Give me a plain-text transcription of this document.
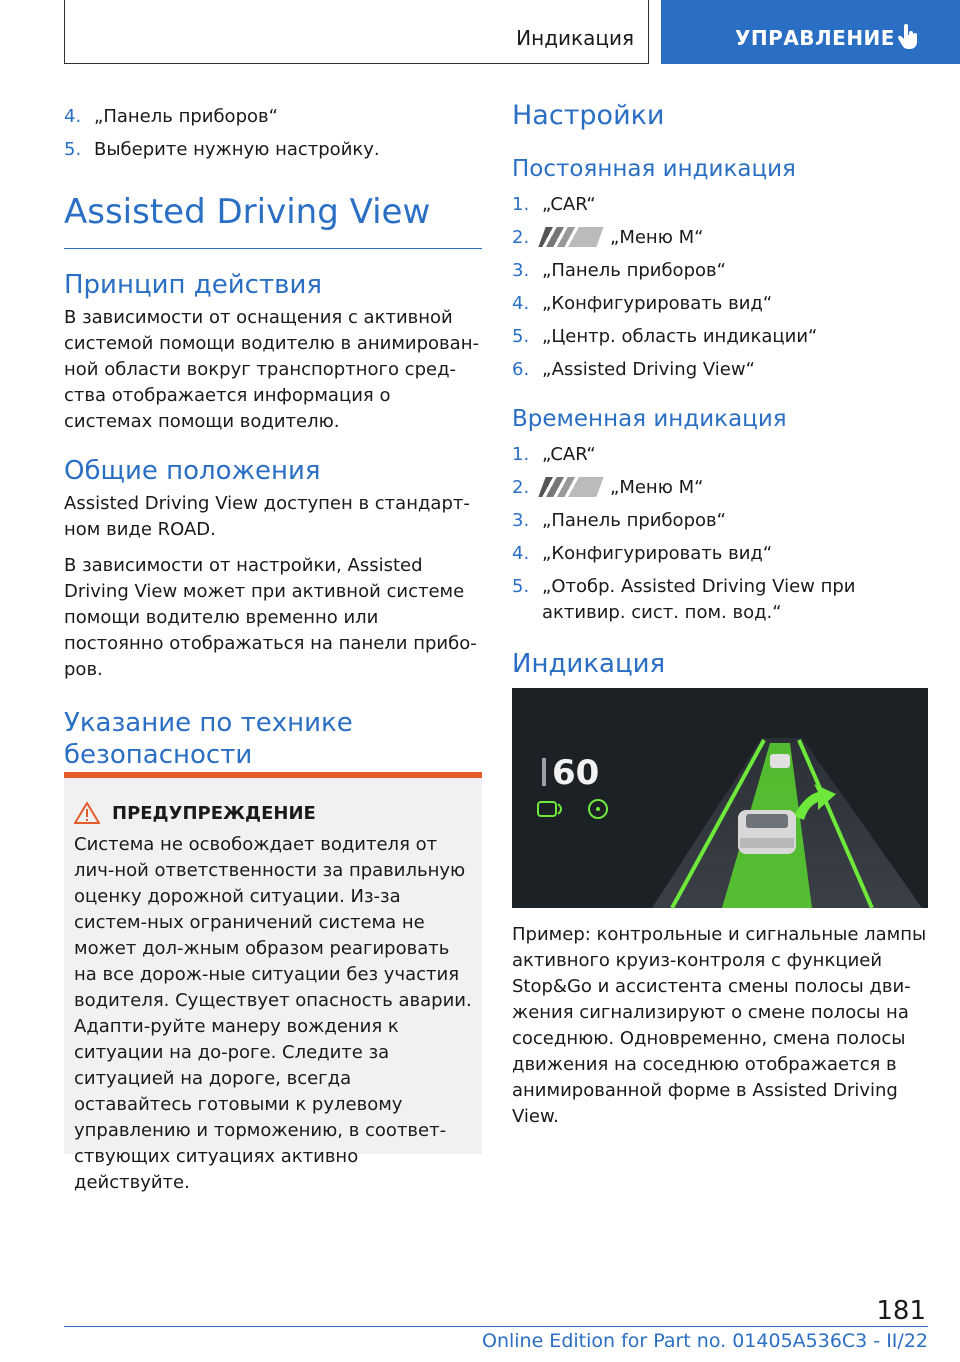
Индикация	УПРАВЛЕНИЕ
4. „Панель приборов“
5. Выберите нужную настройку.
Assisted Driving View
Принцип действия

В зависимости от оснащения с активной системой помощи водителю в анимирован-ной области вокруг транспортного сред-ства отображается информация о системах помощи водителю.

Общие положения

Assisted Driving View доступен в стандарт-ном виде ROAD.

В зависимости от настройки, Assisted Driving View может при активной системе помощи водителю временно или постоянно отображаться на панели прибо-ров.

Указание по технике безопасности
ПРЕДУПРЕЖДЕНИЕ

Система не освобождает водителя от лич-ной ответственности за правильную оценку дорожной ситуации. Из-за систем-ных ограничений система не может дол-жным образом реагировать на все дорож-ные ситуации без участия водителя. Существует опасность аварии. Адапти-руйте манеру вождения к ситуации на до-роге. Следите за ситуацией на дороге, всегда оставайтесь готовыми к рулевому управлению и торможению, в соответ-ствующих ситуациях активно действуйте.

Настройки
Постоянная индикация
1. „CAR“
2.	„Меню M“
3. „Панель приборов“
4. „Конфигурировать вид“
5. „Центр. область индикации“
6. „Assisted Driving View“
Временная индикация
1. „CAR“
2.	„Меню M“
3. „Панель приборов“
4. „Конфигурировать вид“
5. „Отобр. Assisted Driving View при активир. сист. пом. вод.“
Индикация
60

Пример: контрольные и сигнальные лампы активного круиз-контроля с функцией Stop&Go и ассистента смены полосы дви-жения сигнализируют о смене полосы на соседнюю. Одновременно, смена полосы движения на соседнюю отображается в анимированной форме в Assisted Driving View.

181
Online Edition for Part no. 01405A536C3 - II/22
